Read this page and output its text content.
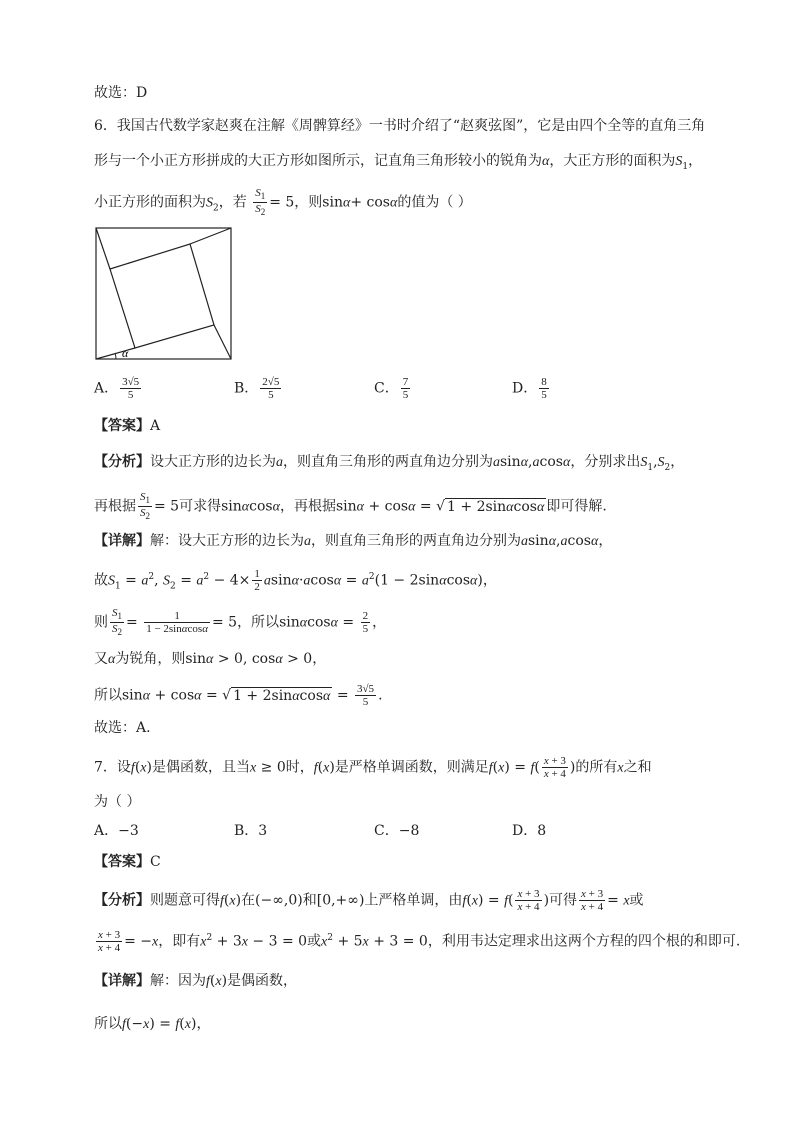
故选：D
6．我国古代数学家赵爽在注解《周髀算经》一书时介绍了“赵爽弦图”，它是由四个全等的直角三角
形与一个小正方形拼成的大正方形如图所示，记直角三角形较小的锐角为α，大正方形的面积为$S_1$，
小正方形的面积为$S_2$，若 $\frac{S_1}{S_2} = 5$，则sinα+ cosα的值为（ ）
α
A． $\frac{3√5}{5}$	B． $\frac{2√5}{5}$	C． $\frac{7}{5}$	D． $\frac{8}{5}$
【答案】A
【分析】设大正方形的边长为a，则直角三角形的两直角边分别为asinα,acosα，分别求出$S_1,S_2$，
再根据 $\frac{S_1}{S_2} = 5$可求得sinαcosα，再根据sinα + cosα = √ 1 + 2sinαcosα 即可得解.
【详解】解：设大正方形的边长为a，则直角三角形的两直角边分别为asinα,acosα，
故$S_1 = a^2$, $S_2 = a^2 - 4\times \frac{1}{2} asin\alpha\cdot acos\alpha = a^2(1 - 2\sin\alpha\cos\alpha)$，
则 $\frac{S_1}{S_2} = \frac{1}{1 - 2\sin\alpha\cos\alpha} = 5$，所以$\sin\alpha\cos\alpha = \frac{2}{5}$ ，
又α为锐角，则sinα > 0, cosα > 0，
所以sinα + cosα = √ $1 + 2\sin\alpha\cos\alpha = \frac{3√5}{5}$ .
故选：A.
7．设f(x)是偶函数，且当x ≥ 0时，f(x)是严格单调函数，则满足$f(x) = f( \frac{x + 3}{x + 4}$ )的所有x之和
为（ ）
A．−3	B．3	C．−8	D．8
【答案】C
【分析】则题意可得f(x)在(−∞,0)和[0,+∞)上严格单调，由$f(x) = f( \frac{x + 3}{x + 4}$ )可得 $\frac{x + 3}{x + 4} = x$或
$\frac{x + 3}{x + 4} = -x$，即有$x^2 + 3x - 3 = 0$或$x^2 + 5x + 3 = 0$，利用韦达定理求出这两个方程的四个根的和即可.
【详解】解：因为f(x)是偶函数，
所以f(−x) = f(x)，
